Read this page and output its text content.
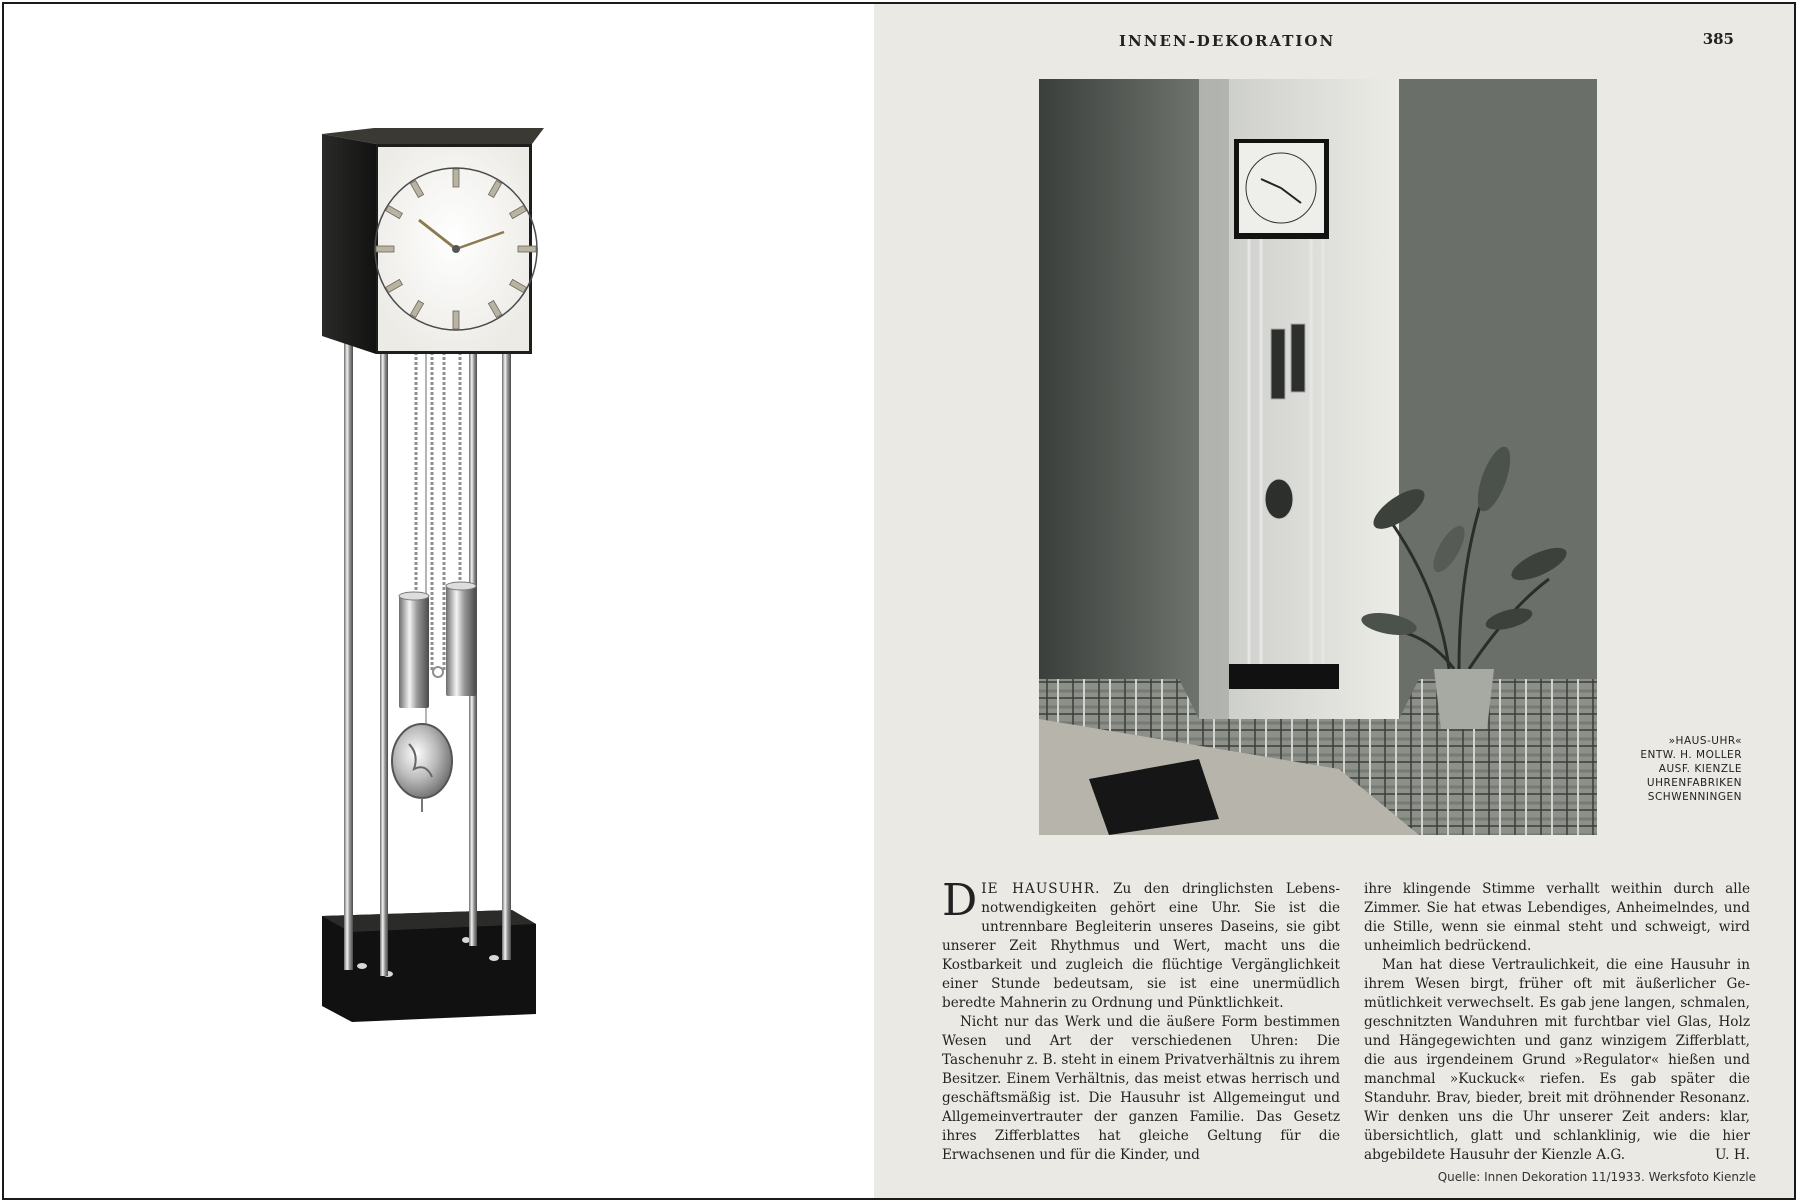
INNEN-DEKORATION	385
»HAUS-UHR«
ENTW. H. MOLLER
AUSF. KIENZLE
UHRENFABRIKEN
SCHWENNINGEN

DIE HAUSUHR. Zu den dringlichsten Lebensnotwendigkeiten gehört eine Uhr. Sie ist die untrennbare Begleiterin unseres Daseins, sie gibt unserer Zeit Rhythmus und Wert, macht uns die Kostbarkeit und zugleich die flüchtige Vergänglichkeit einer Stunde bedeutsam, sie ist eine unermüdlich beredte Mahnerin zu Ordnung und Pünktlichkeit.

Nicht nur das Werk und die äußere Form bestimmen Wesen und Art der verschiedenen Uhren: Die Taschenuhr z. B. steht in einem Privatverhältnis zu ihrem Besitzer. Einem Verhältnis, das meist etwas herrisch und geschäftsmäßig ist. Die Hausuhr ist Allgemeingut und Allgemeinvertrauter der ganzen Familie. Das Gesetz ihres Zifferblattes hat gleiche Geltung für die Erwachsenen und für die Kinder, und

ihre klingende Stimme verhallt weithin durch alle Zimmer. Sie hat etwas Lebendiges, Anheimelndes, und die Stille, wenn sie einmal steht und schweigt, wird unheimlich bedrückend.

Man hat diese Vertraulichkeit, die eine Hausuhr in ihrem Wesen birgt, früher oft mit äußerlicher Gemütlichkeit verwechselt. Es gab jene langen, schmalen, geschnitzten Wanduhren mit furchtbar viel Glas, Holz und Hängegewichten und ganz winzigem Zifferblatt, die aus irgendeinem Grund »Regulator« hießen und manchmal »Kuckuck« riefen. Es gab später die Standuhr. Brav, bieder, breit mit dröhnender Resonanz. Wir denken uns die Uhr unserer Zeit anders: klar, übersichtlich, glatt und schlanklinig, wie die hier abgebildete Hausuhr der Kienzle A.G.	U. H.

Quelle: Innen Dekoration 11/1933. Werksfoto Kienzle
